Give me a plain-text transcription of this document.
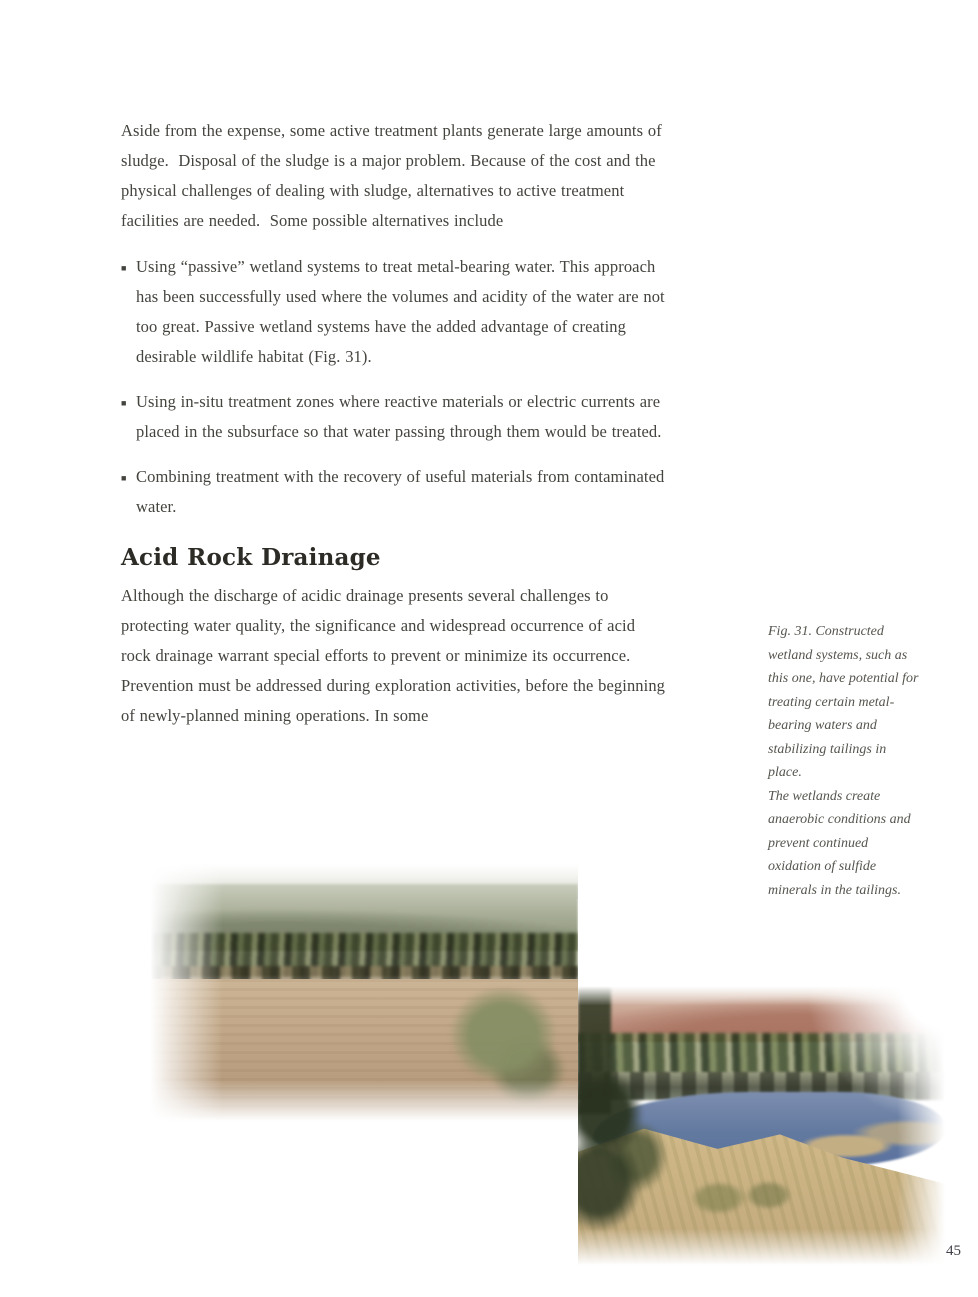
Aside from the expense, some active treatment plants generate large amounts of sludge.  Disposal of the sludge is a major problem. Because of the cost and the physical challenges of dealing with sludge, alternatives to active treatment facilities are needed.  Some possible alternatives include

■ Using “passive” wetland systems to treat metal-bearing water. This approach has been successfully used where the volumes and acidity of the water are not too great. Passive wetland systems have the added advantage of creating desirable wildlife habitat (Fig. 31).
■ Using in-situ treatment zones where reactive materials or electric currents are placed in the subsurface so that water passing through them would be treated.
■ Combining treatment with the recovery of useful materials from contaminated water.
Acid Rock Drainage

Although the discharge of acidic drainage presents several challenges to protecting water quality, the significance and widespread occurrence of acid rock drainage warrant special efforts to prevent or minimize its occurrence. Prevention must be addressed during exploration activities, before the beginning of newly-planned mining operations. In some

Fig. 31. Constructed wetland systems, such as this one, have potential for treating certain metal-bearing waters and stabilizing tailings in place.

The wetlands create anaerobic conditions and prevent continued oxidation of sulfide minerals in the tailings.

45
